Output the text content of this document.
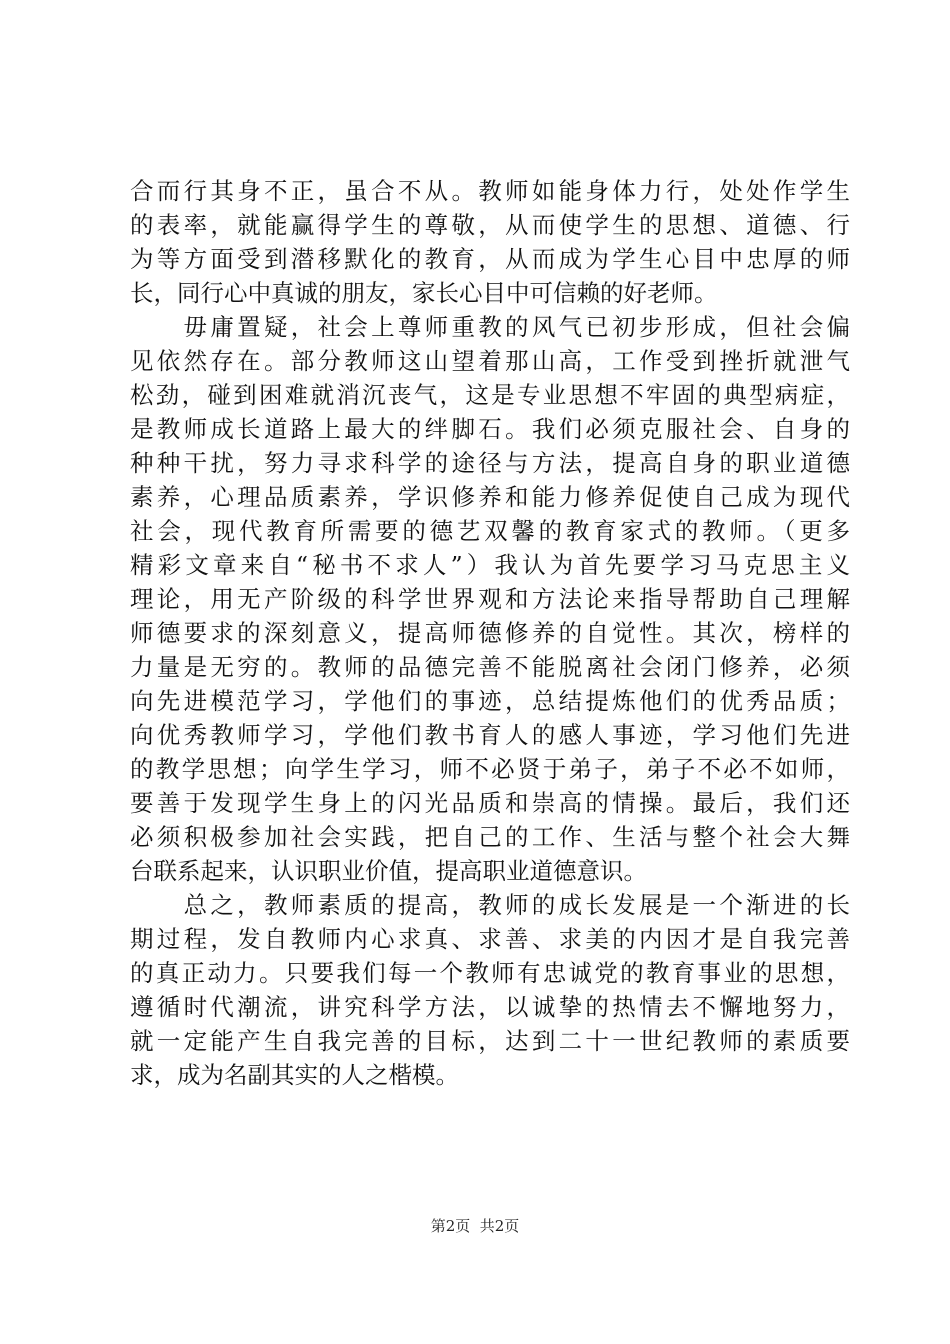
合而行其身不正，虽合不从。教师如能身体力行，处处作学生
的表率，就能赢得学生的尊敬，从而使学生的思想、道德、行
为等方面受到潜移默化的教育，从而成为学生心目中忠厚的师
长，同行心中真诚的朋友，家长心目中可信赖的好老师。
　　毋庸置疑，社会上尊师重教的风气已初步形成，但社会偏
见依然存在。部分教师这山望着那山高，工作受到挫折就泄气
松劲，碰到困难就消沉丧气，这是专业思想不牢固的典型病症，
是教师成长道路上最大的绊脚石。我们必须克服社会、自身的
种种干扰，努力寻求科学的途径与方法，提高自身的职业道德
素养，心理品质素养，学识修养和能力修养促使自己成为现代
社会，现代教育所需要的德艺双馨的教育家式的教师。（更多
精彩文章来自“秘书不求人”）我认为首先要学习马克思主义
理论，用无产阶级的科学世界观和方法论来指导帮助自己理解
师德要求的深刻意义，提高师德修养的自觉性。其次，榜样的
力量是无穷的。教师的品德完善不能脱离社会闭门修养，必须
向先进模范学习，学他们的事迹，总结提炼他们的优秀品质；
向优秀教师学习，学他们教书育人的感人事迹，学习他们先进
的教学思想；向学生学习，师不必贤于弟子，弟子不必不如师，
要善于发现学生身上的闪光品质和崇高的情操。最后，我们还
必须积极参加社会实践，把自己的工作、生活与整个社会大舞
台联系起来，认识职业价值，提高职业道德意识。
　　总之，教师素质的提高，教师的成长发展是一个渐进的长
期过程，发自教师内心求真、求善、求美的内因才是自我完善
的真正动力。只要我们每一个教师有忠诚党的教育事业的思想，
遵循时代潮流，讲究科学方法，以诚挚的热情去不懈地努力，
就一定能产生自我完善的目标，达到二十一世纪教师的素质要
求，成为名副其实的人之楷模。
第2页  共2页
